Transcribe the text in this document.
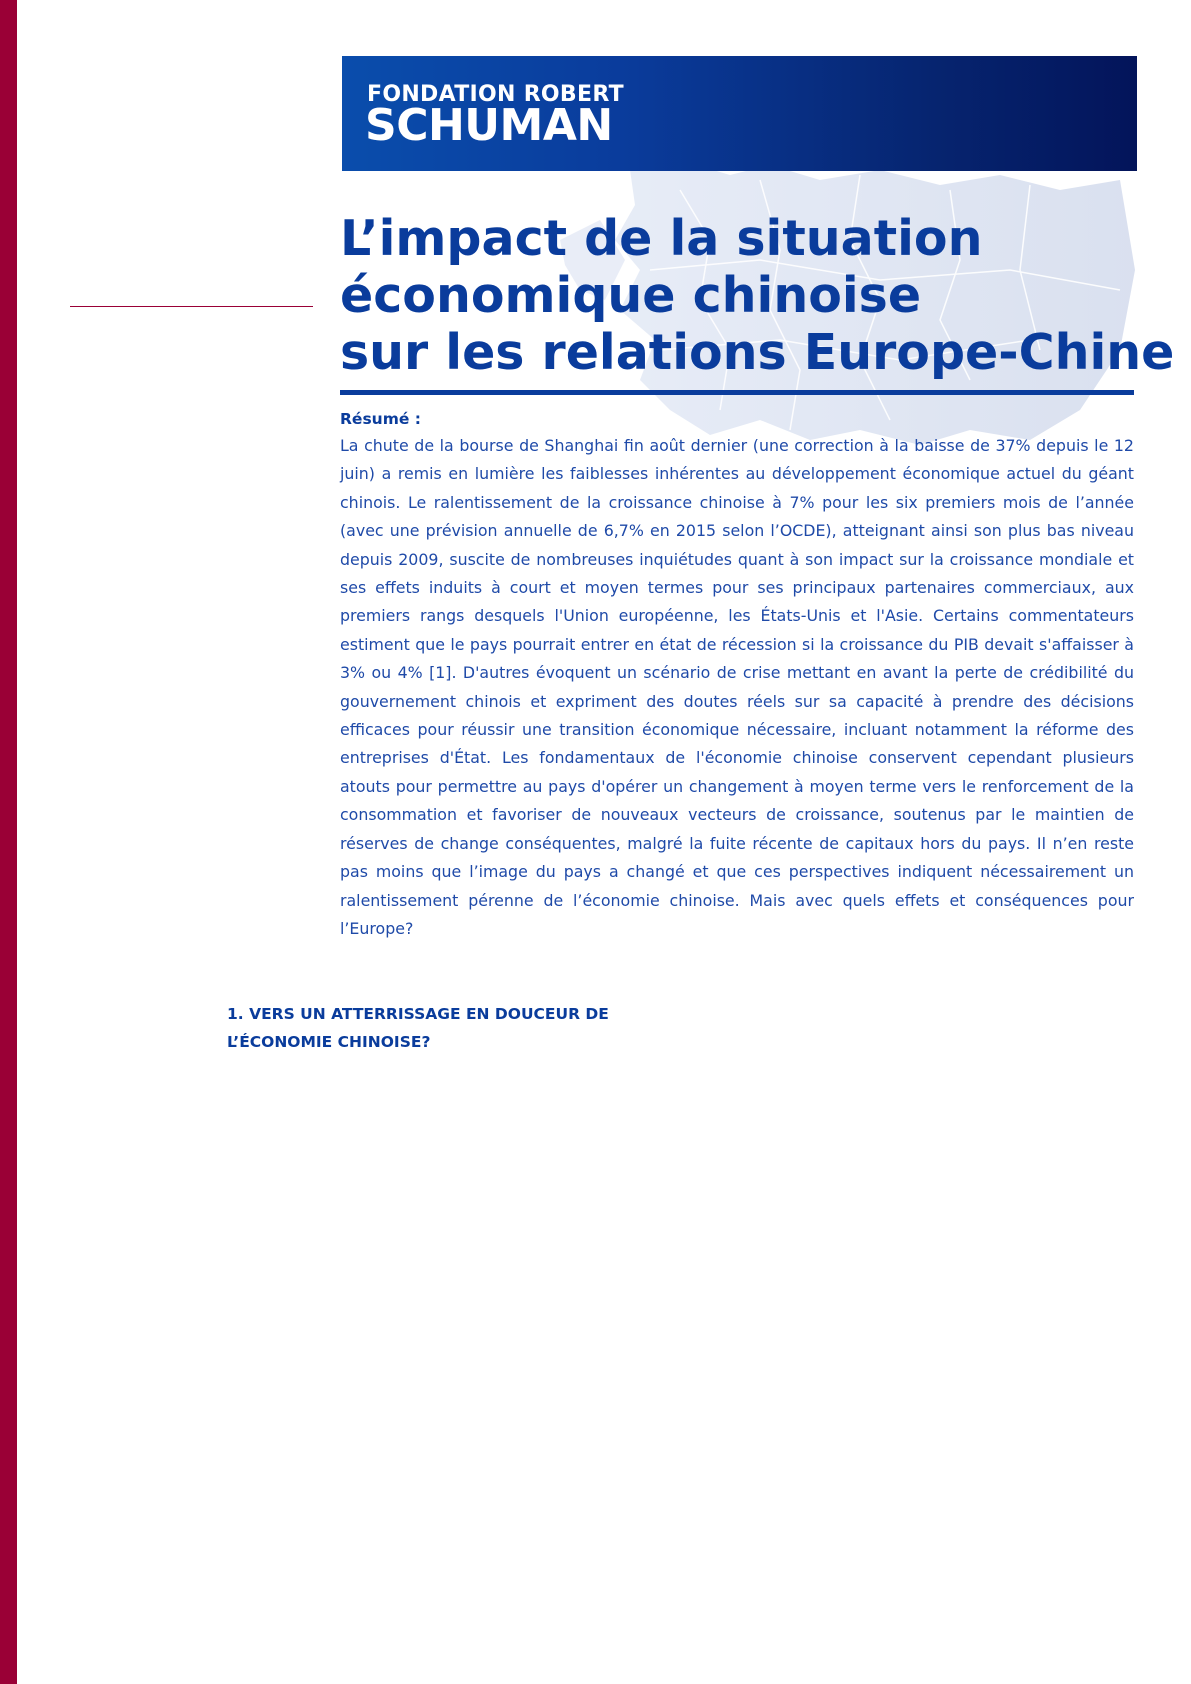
FONDATION ROBERT
SCHUMAN
L’impact de la situation
économique chinoise
sur les relations Europe-Chine
Résumé :

La chute de la bourse de Shanghai fin août dernier (une correction à la baisse de 37% depuis le 12 juin) a remis en lumière les faiblesses inhérentes au développement économique actuel du géant chinois. Le ralentissement de la croissance chinoise à 7% pour les six premiers mois de l’année (avec une prévision annuelle de 6,7% en 2015 selon l’OCDE), atteignant ainsi son plus bas niveau depuis 2009, suscite de nombreuses inquiétudes quant à son impact sur la croissance mondiale et ses effets induits à court et moyen termes pour ses principaux partenaires commerciaux, aux premiers rangs desquels l'Union européenne, les États-Unis et l'Asie. Certains commentateurs estiment que le pays pourrait entrer en état de récession si la croissance du PIB devait s'affaisser à 3% ou 4% [1]. D'autres évoquent un scénario de crise mettant en avant la perte de crédibilité du gouvernement chinois et expriment des doutes réels sur sa capacité à prendre des décisions efficaces pour réussir une transition économique nécessaire, incluant notamment la réforme des entreprises d'État. Les fondamentaux de l'économie chinoise conservent cependant plusieurs atouts pour permettre au pays d'opérer un changement à moyen terme vers le renforcement de la consommation et favoriser de nouveaux vecteurs de croissance, soutenus par le maintien de réserves de change conséquentes, malgré la fuite récente de capitaux hors du pays. Il n’en reste pas moins que l’image du pays a changé et que ces perspectives indiquent nécessairement un ralentissement pérenne de l’économie chinoise. Mais avec quels effets et conséquences pour l’Europe?

1. VERS UN ATTERRISSAGE EN DOUCEUR DE
L’ÉCONOMIE CHINOISE?
